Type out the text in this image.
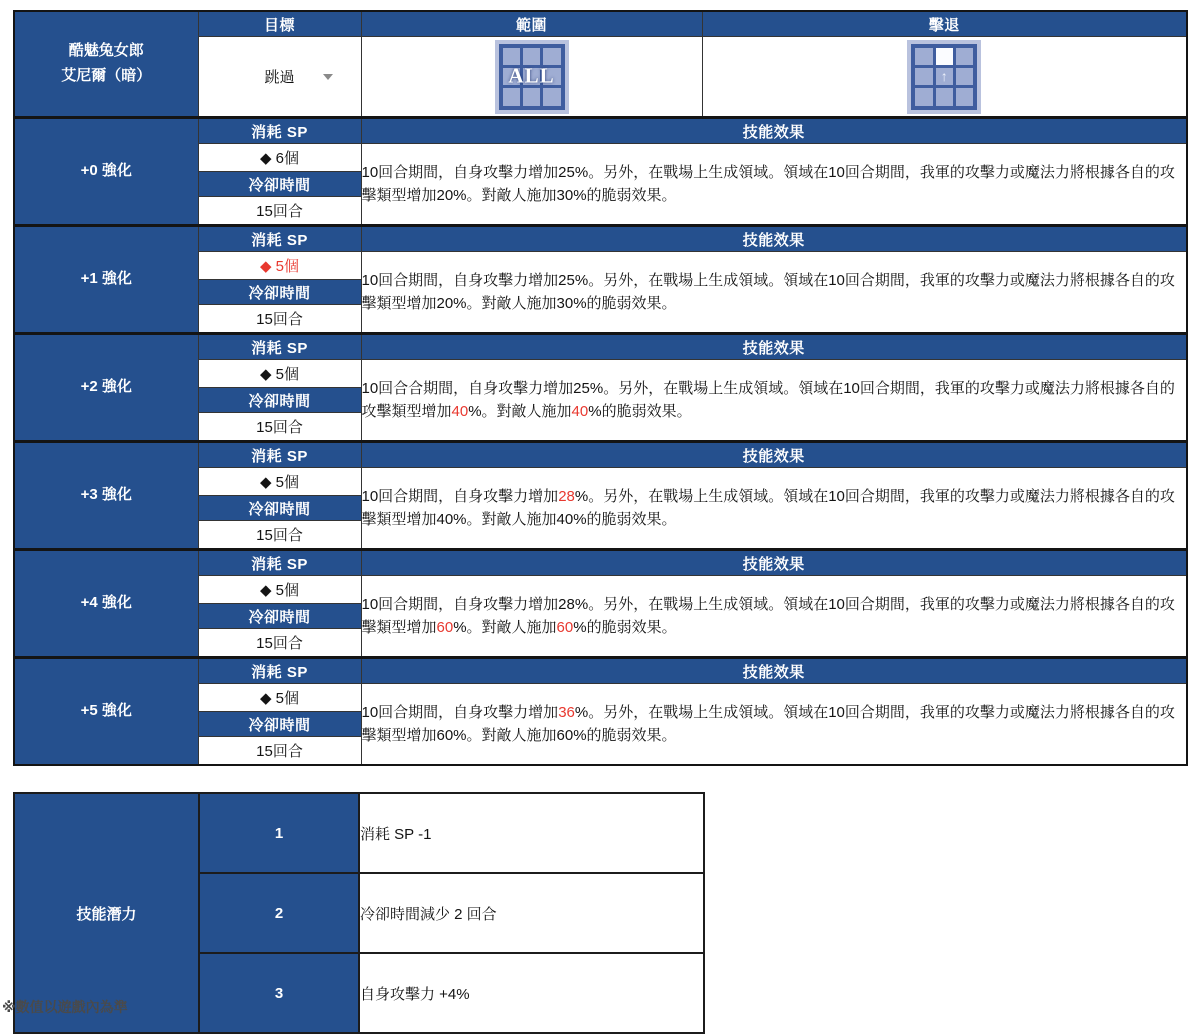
酷魅兔女郎
艾尼爾（暗）	目標	範圍	擊退
	跳過	ALL	↑

+0 強化	消耗 SP	技能效果	
	◆ 6個	10回合期間，自身攻擊力增加25%。另外，在戰場上生成領域。領域在10回合期間，我軍的攻擊力或魔法力將根據各自的攻擊類型增加20%。對敵人施加30%的脆弱效果。	
	冷卻時間		
	15回合		
+1 強化	消耗 SP	技能效果	
	◆ 5個	10回合期間，自身攻擊力增加25%。另外，在戰場上生成領域。領域在10回合期間，我軍的攻擊力或魔法力將根據各自的攻擊類型增加20%。對敵人施加30%的脆弱效果。	
	冷卻時間		
	15回合		
+2 強化	消耗 SP	技能效果	
	◆ 5個	10回合合期間，自身攻擊力增加25%。另外，在戰場上生成領域。領域在10回合期間，我軍的攻擊力或魔法力將根據各自的攻擊類型增加40%。對敵人施加40%的脆弱效果。	
	冷卻時間		
	15回合		
+3 強化	消耗 SP	技能效果	
	◆ 5個	10回合期間，自身攻擊力增加28%。另外，在戰場上生成領域。領域在10回合期間，我軍的攻擊力或魔法力將根據各自的攻擊類型增加40%。對敵人施加40%的脆弱效果。	
	冷卻時間		
	15回合		
+4 強化	消耗 SP	技能效果	
	◆ 5個	10回合期間，自身攻擊力增加28%。另外，在戰場上生成領域。領域在10回合期間，我軍的攻擊力或魔法力將根據各自的攻擊類型增加60%。對敵人施加60%的脆弱效果。	
	冷卻時間		
	15回合		
+5 強化	消耗 SP	技能效果	
	◆ 5個	10回合期間，自身攻擊力增加36%。另外，在戰場上生成領域。領域在10回合期間，我軍的攻擊力或魔法力將根據各自的攻擊類型增加60%。對敵人施加60%的脆弱效果。	
	冷卻時間		
	15回合		
技能潛力	1	消耗 SP -1
	2	冷卻時間減少 2 回合
	3	自身攻擊力 +4%
※數值以遊戲內為準
